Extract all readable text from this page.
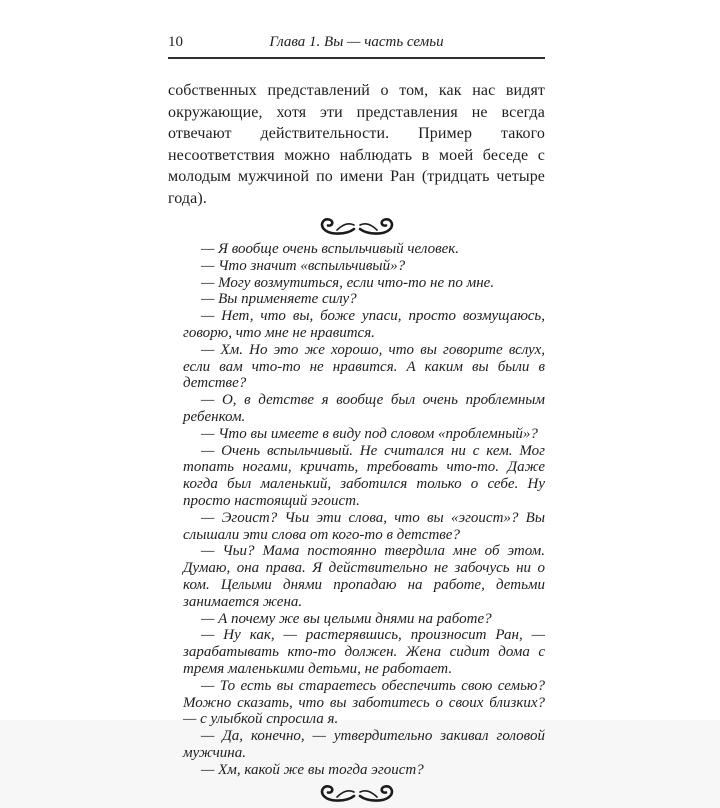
10	Глава 1. Вы — часть семьи

собственных представлений о том, как нас видят окружающие, хотя эти представления не всегда отвечают действительности. Пример такого несоответствия можно наблюдать в моей беседе с молодым мужчиной по имени Ран (тридцать четыре года).

— Я вообще очень вспыльчивый человек.

— Что значит «вспыльчивый»?

— Могу возмутиться, если что-то не по мне.

— Вы применяете силу?

— Нет, что вы, боже упаси, просто возмущаюсь, говорю, что мне не нравится.

— Хм. Но это же хорошо, что вы говорите вслух, если вам что-то не нравится. А каким вы были в детстве?

— О, в детстве я вообще был очень проблемным ребенком.

— Что вы имеете в виду под словом «проблемный»?

— Очень вспыльчивый. Не считался ни с кем. Мог топать ногами, кричать, требовать что-то. Даже когда был маленький, заботился только о себе. Ну просто настоящий эгоист.

— Эгоист? Чьи эти слова, что вы «эгоист»? Вы слышали эти слова от кого-то в детстве?

— Чьи? Мама постоянно твердила мне об этом. Думаю, она права. Я действительно не забочусь ни о ком. Целыми днями пропадаю на работе, детьми занимается жена.

— А почему же вы целыми днями на работе?

— Ну как, — растерявшись, произносит Ран, — зарабатывать кто-то должен. Жена сидит дома с тремя маленькими детьми, не работает.

— То есть вы стараетесь обеспечить свою семью? Можно сказать, что вы заботитесь о своих близких? — с улыбкой спросила я.

— Да, конечно, — утвердительно закивал головой мужчина.

— Хм, какой же вы тогда эгоист?
